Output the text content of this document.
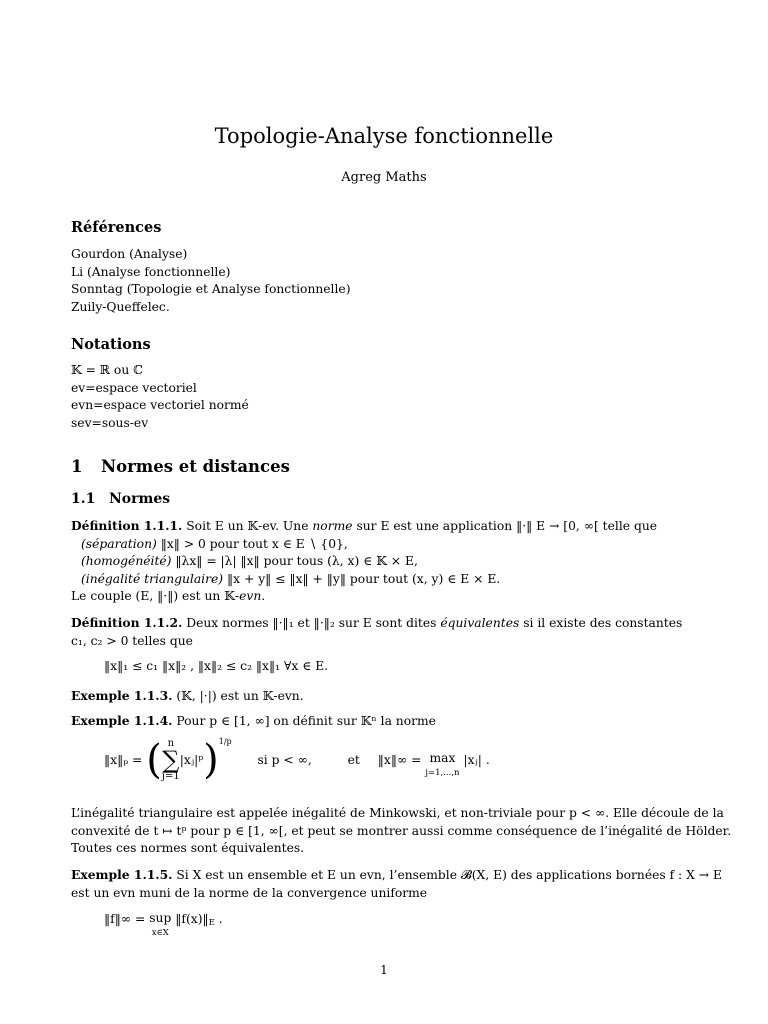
Topologie-Analyse fonctionnelle
Agreg Maths
Références
Gourdon (Analyse)
Li (Analyse fonctionnelle)
Sonntag (Topologie et Analyse fonctionnelle)
Zuily-Queffelec.
Notations
𝕂 = ℝ ou ℂ
ev=espace vectoriel
evn=espace vectoriel normé
sev=sous-ev
1 Normes et distances
1.1 Normes
Définition 1.1.1. Soit E un 𝕂-ev. Une norme sur E est une application ‖·‖ E → [0, ∞[ telle que
(séparation) ‖x‖ > 0 pour tout x ∈ E ∖ {0},
(homogénéité) ‖λx‖ = |λ| ‖x‖ pour tous (λ, x) ∈ 𝕂 × E,
(inégalité triangulaire) ‖x + y‖ ≤ ‖x‖ + ‖y‖ pour tout (x, y) ∈ E × E.
Le couple (E, ‖·‖) est un 𝕂-evn.
Définition 1.1.2. Deux normes ‖·‖₁ et ‖·‖₂ sur E sont dites équivalentes si il existe des constantes
c₁, c₂ > 0 telles que
‖x‖₁ ≤ c₁ ‖x‖₂ , ‖x‖₂ ≤ c₂ ‖x‖₁ ∀x ∈ E.
Exemple 1.1.3. (𝕂, |·|) est un 𝕂-evn.
Exemple 1.1.4. Pour p ∈ [1, ∞] on définit sur 𝕂ⁿ la norme
‖x‖ₚ = ( n
∑
j=1|xⱼ|ᵖ)$^{1/p}$  si p < ∞,	et ‖x‖∞ = max
j=1,...,n |xⱼ| .
L’inégalité triangulaire est appelée inégalité de Minkowski, et non-triviale pour p < ∞. Elle découle de la
convexité de t ↦ tᵖ pour p ∈ [1, ∞[, et peut se montrer aussi comme conséquence de l’inégalité de Hölder.
Toutes ces normes sont équivalentes.
Exemple 1.1.5. Si X est un ensemble et E un evn, l’ensemble 𝓑(X, E) des applications bornées f : X → E
est un evn muni de la norme de la convergence uniforme
‖f‖∞ = sup
x∈X $‖f(x)‖_E$ .
1
